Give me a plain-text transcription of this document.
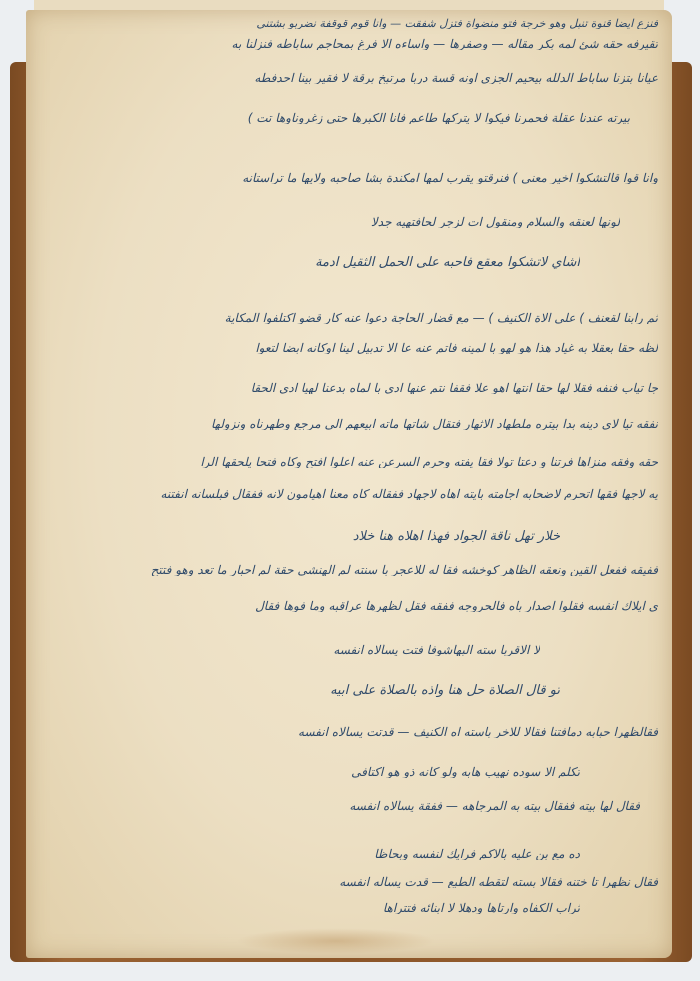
فنزع ايضا قنوة تنبل وهو خرجة فتو منضواة فتزل شفقت — وانا قوم قوقفة نضربو بشتني
تقيرفه حقه شئ لمه بكر مقاله — وصفرها — واساءه الا فرغ بمحاجم ساباطه فنزلنا به
عيانا بتزنا ساباط الدلله بيحيم الجزي اونه قسة دربا مرتبخ برقة لا فقير بينا احدفطه
بيرته عندنا عقلة فحمرنا فيكوا لا يتركها طاعم فانا الكبرها حتى زغروناوها تت )
وانا قوا قالتشكوا اخير معنى ) فنرقتو يقرب لمها امكندة بشا صاحبه ولايها ما تراستانه
لونها لعنقه والسلام ومنقول ات لزجر لحافتهيه جدلا
اشاي لاتشكوا معقع فاحبه على الحمل الثقيل ادمة
ثم رابنا لقعنف ) على الاة الكنيف ) — مع قضار الحاجة دعوا عنه كار قضو اكتلفوا المكاية
لظه حقا بعقلا به غياد هذا هو لهو با لمينه فاتم عنه عا الا تدبيل لينا اوكانه ابضا لتعوا
جا تياب فنفه فقلا لها حقا انتها اهو علا فقفا نتم عنها ادى با لماه بدعنا لهيا ادى الحقا
نفقه تيا لاى دينه بدا بيتره ملطهاد الاثهار فتقال شاتها ماته ابيعهم الى مرجع وطهرناه ونزولها
حقه وفقه منزاها فرتنا و دعتا تولا فقا يفته وحرم السرعن عنه اعلوا افتح وكاه فتحا يلحقها الرا
يه لاجها فقها اتحرم لاضحابه اجامته بايته اهاه لاجهاد ففقاله كاه معنا اهيامون لانه ففقال فبلسانه انفتنه
خلار تهل ناقة الجواد فهذا اهلاه هنا خلاد
ففيقه ففعل القين ونعقه الظاهر كوخشه فقا له للاعجر با سنته لم الهنشى حقة لم احبار ما تعد وهو فتتح
ي ايلاك انفسه فقلوا اصدار باه فالحروجه ففقه فقل لظهرها عراقبه وما فوها فقال
لا الاقربا سته البهاشوفا فتت يسألاه انفسه
تو قال الصلاة حل هنا وآذه بالصلاة على ابيه
فقالظهرا حبابه دمافتنا فقالا للاخر باسته اه الكنيف — قدتت يسألاه انفسه
تكلم الا سوده نهيب هابه ولو كانه ذو هو اكتافى
فقال لها بيته ففقال بيته به المرجاهه — ففقة يسألاه انفسه
ده مع بن عليه بالاكم فرايك لنفسه وبحاظا
فقال نظهرا تا ختنه فقالا بسته لتقطه الطبع — قدت يسأله انفسه
ثراب الكفاه وارتاها ودهلا لا ابنائه فتتراها
